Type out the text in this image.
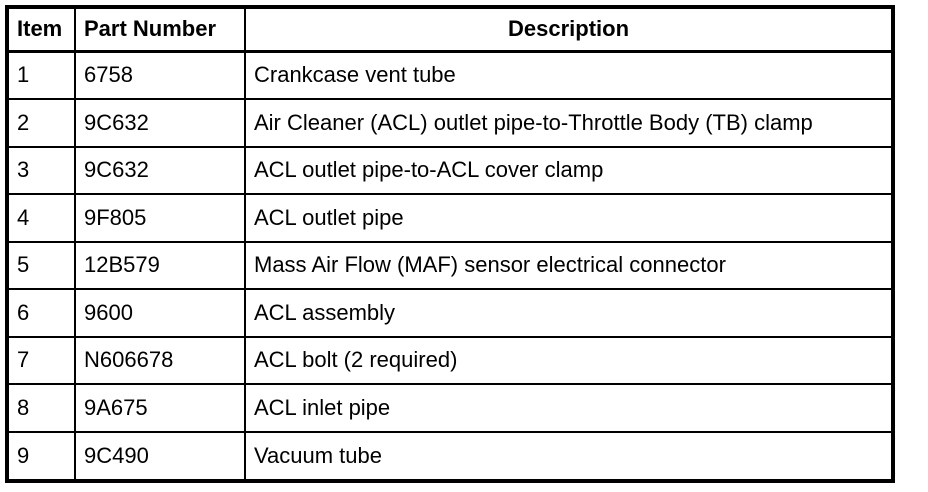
Item	Part Number	Description
1	6758	Crankcase vent tube
2	9C632	Air Cleaner (ACL) outlet pipe-to-Throttle Body (TB) clamp
3	9C632	ACL outlet pipe-to-ACL cover clamp
4	9F805	ACL outlet pipe
5	12B579	Mass Air Flow (MAF) sensor electrical connector
6	9600	ACL assembly
7	N606678	ACL bolt (2 required)
8	9A675	ACL inlet pipe
9	9C490	Vacuum tube
